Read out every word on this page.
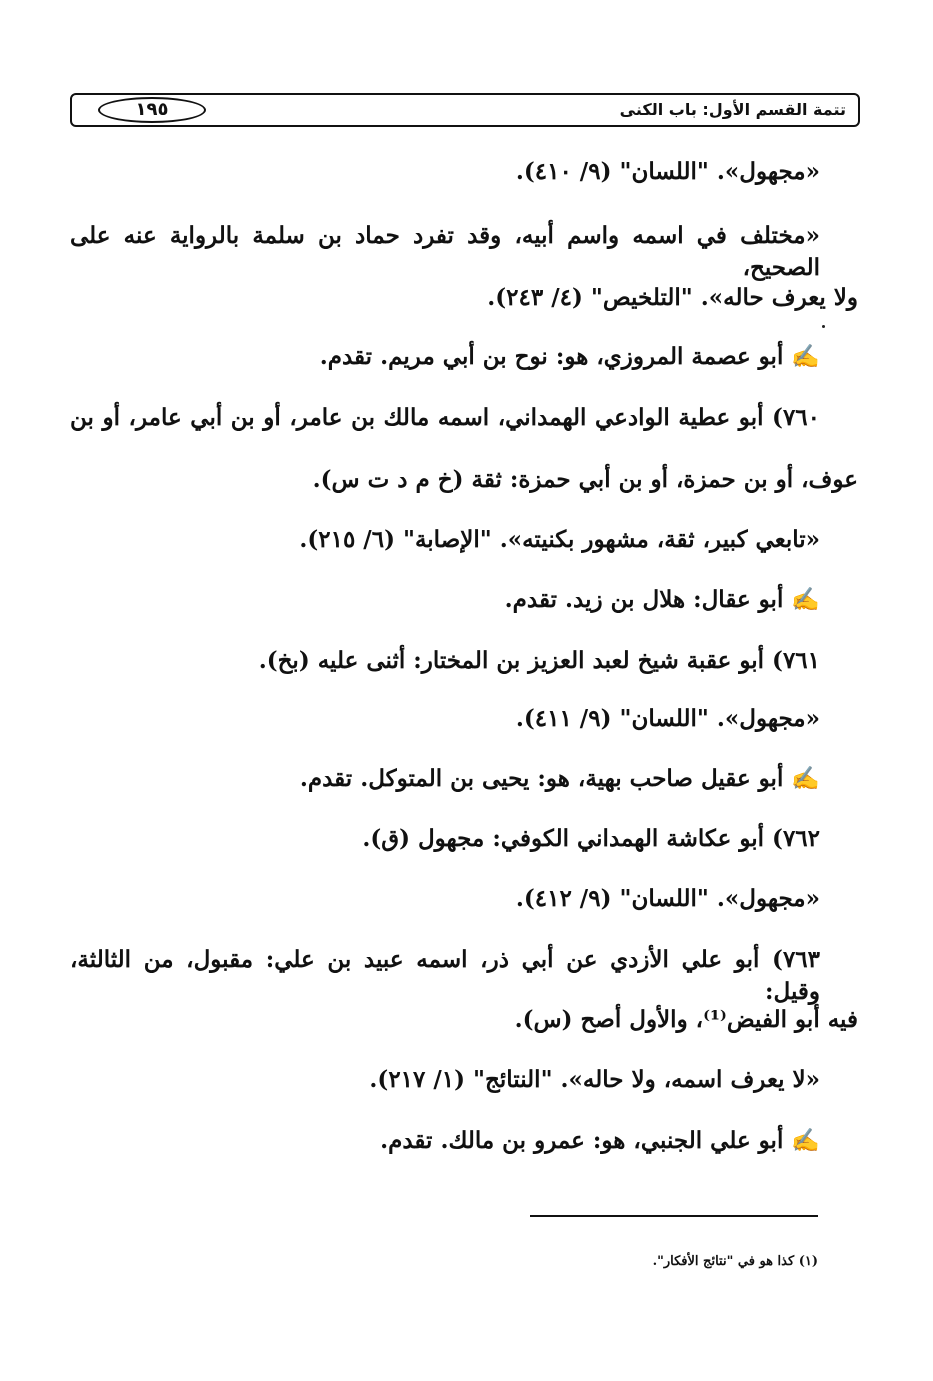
١٩٥	تتمة القسم الأول: باب الكنى
«مجهول». "اللسان" (٩/ ٤١٠).
«مختلف في اسمه واسم أبيه، وقد تفرد حماد بن سلمة بالرواية عنه على الصحيح،
ولا يعرف حاله». "التلخيص" (٤/ ٢٤٣).
✍ أبو عصمة المروزي، هو: نوح بن أبي مريم. تقدم.
٧٦٠) أبو عطية الوادعي الهمداني، اسمه مالك بن عامر، أو بن أبي عامر، أو بن
عوف، أو بن حمزة، أو بن أبي حمزة: ثقة (خ م د ت س).
«تابعي كبير، ثقة، مشهور بكنيته». "الإصابة" (٦/ ٢١٥).
✍ أبو عقال: هلال بن زيد. تقدم.
٧٦١) أبو عقبة شيخ لعبد العزيز بن المختار: أثنى عليه (بخ).
«مجهول». "اللسان" (٩/ ٤١١).
✍ أبو عقيل صاحب بهية، هو: يحيى بن المتوكل. تقدم.
٧٦٢) أبو عكاشة الهمداني الكوفي: مجهول (ق).
«مجهول». "اللسان" (٩/ ٤١٢).
٧٦٣) أبو علي الأزدي عن أبي ذر، اسمه عبيد بن علي: مقبول، من الثالثة، وقيل:
فيه أبو الفيض⁽¹⁾، والأول أصح (س).
«لا يعرف اسمه، ولا حاله». "النتائج" (١/ ٢١٧).
✍ أبو علي الجنبي، هو: عمرو بن مالك. تقدم.
(١) كذا هو في "نتائج الأفكار".
